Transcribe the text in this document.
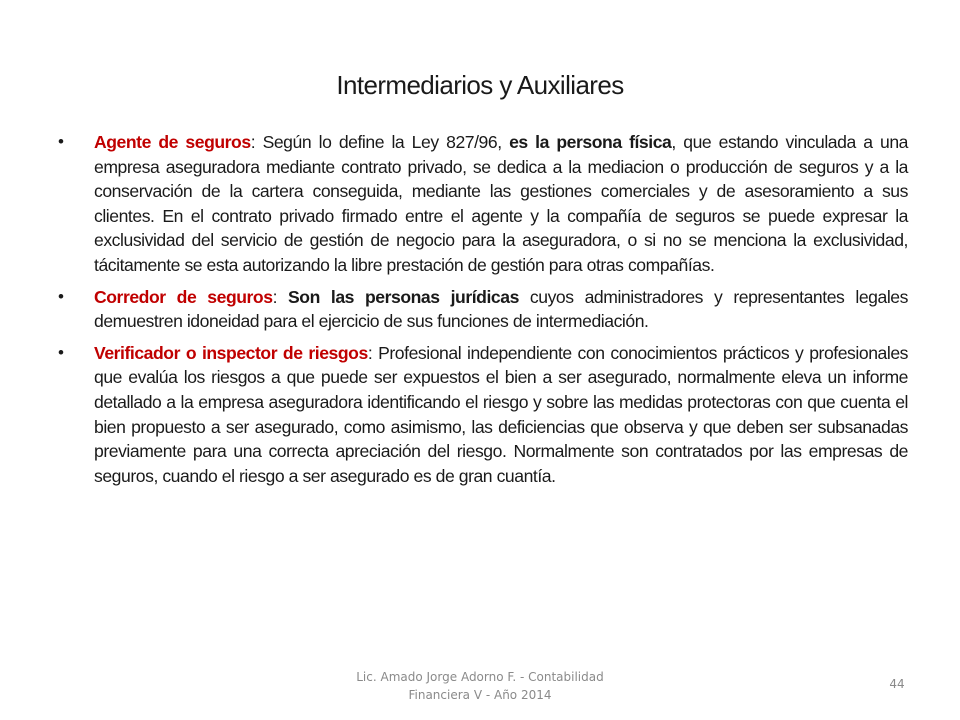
Intermediarios y Auxiliares
• Agente de seguros: Según lo define la Ley 827/96, es la persona física, que estando vinculada a una empresa aseguradora mediante contrato privado, se dedica a la mediacion o producción de seguros y a la conservación de la cartera conseguida, mediante las gestiones comerciales y de asesoramiento a sus clientes. En el contrato privado firmado entre el agente y la compañía de seguros se puede expresar la exclusividad del servicio de gestión de negocio para la aseguradora, o si no se menciona la exclusividad, tácitamente se esta autorizando la libre prestación de gestión para otras compañías.
• Corredor de seguros: Son las personas jurídicas cuyos administradores y representantes legales demuestren idoneidad para el ejercicio de sus funciones de intermediación.
• Verificador o inspector de riesgos: Profesional independiente con conocimientos prácticos y profesionales que evalúa los riesgos a que puede ser expuestos el bien a ser asegurado, normalmente eleva un informe detallado a la empresa aseguradora identificando el riesgo y sobre las medidas protectoras con que cuenta el bien propuesto a ser asegurado, como asimismo, las deficiencias que observa y que deben ser subsanadas previamente para una correcta apreciación del riesgo. Normalmente son contratados por las empresas de seguros, cuando el riesgo a ser asegurado es de gran cuantía.
Lic. Amado Jorge Adorno F. - Contabilidad
Financiera V - Año 2014
44
